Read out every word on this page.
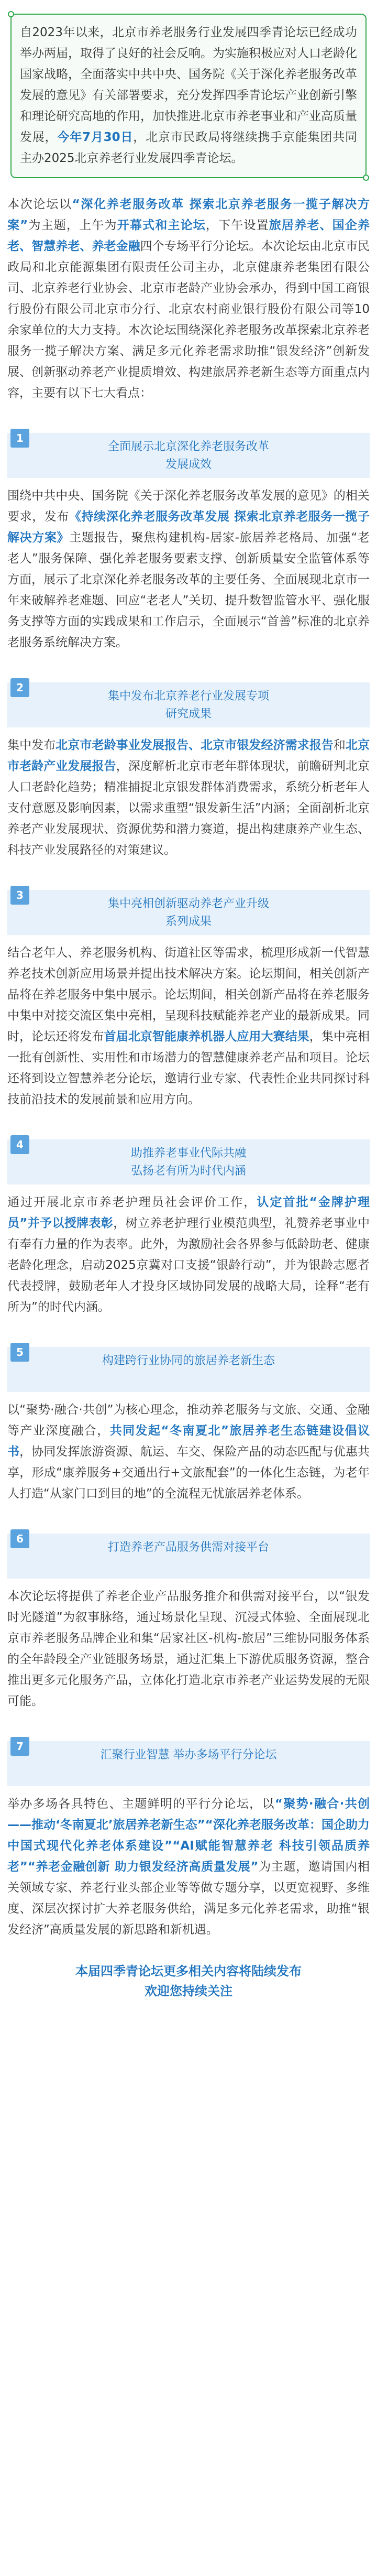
自2023年以来，北京市养老服务行业发展四季青论坛已经成功举办两届，取得了良好的社会反响。为实施积极应对人口老龄化国家战略，全面落实中共中央、国务院《关于深化养老服务改革发展的意见》有关部署要求，充分发挥四季青论坛产业创新引擎和理论研究高地的作用，加快推进北京市养老事业和产业高质量发展，今年7月30日，北京市民政局将继续携手京能集团共同主办2025北京养老行业发展四季青论坛。

本次论坛以“深化养老服务改革 探索北京养老服务一揽子解决方案”为主题，上午为开幕式和主论坛，下午设置旅居养老、国企养老、智慧养老、养老金融四个专场平行分论坛。本次论坛由北京市民政局和北京能源集团有限责任公司主办，北京健康养老集团有限公司、北京养老行业协会、北京市老龄产业协会承办，得到中国工商银行股份有限公司北京市分行、北京农村商业银行股份有限公司等10余家单位的大力支持。本次论坛围绕深化养老服务改革探索北京养老服务一揽子解决方案、满足多元化养老需求助推“银发经济”创新发展、创新驱动养老产业提质增效、构建旅居养老新生态等方面重点内容，主要有以下七大看点：

1
全面展示北京深化养老服务改革
发展成效

围绕中共中央、国务院《关于深化养老服务改革发展的意见》的相关要求，发布《持续深化养老服务改革发展 探索北京养老服务一揽子解决方案》主题报告，聚焦构建机构-居家-旅居养老格局、加强“老老人”服务保障、强化养老服务要素支撑、创新质量安全监管体系等方面，展示了北京深化养老服务改革的主要任务、全面展现北京市一年来破解养老难题、回应“老老人”关切、提升数智监管水平、强化服务支撑等方面的实践成果和工作启示，全面展示“首善”标准的北京养老服务系统解决方案。

2
集中发布北京养老行业发展专项
研究成果

集中发布北京市老龄事业发展报告、北京市银发经济需求报告和北京市老龄产业发展报告，深度解析北京市老年群体现状，前瞻研判北京人口老龄化趋势；精准捕捉北京银发群体消费需求，系统分析老年人支付意愿及影响因素，以需求重塑“银发新生活”内涵；全面剖析北京养老产业发展现状、资源优势和潜力赛道，提出构建康养产业生态、科技产业发展路径的对策建议。

3
集中亮相创新驱动养老产业升级
系列成果

结合老年人、养老服务机构、街道社区等需求，梳理形成新一代智慧养老技术创新应用场景并提出技术解决方案。论坛期间，相关创新产品将在养老服务中集中展示。论坛期间，相关创新产品将在养老服务中集中对接交流区集中亮相，呈现科技赋能养老产业的最新成果。同时，论坛还将发布首届北京智能康养机器人应用大赛结果，集中亮相一批有创新性、实用性和市场潜力的智慧健康养老产品和项目。论坛还将到设立智慧养老分论坛，邀请行业专家、代表性企业共同探讨科技前沿技术的发展前景和应用方向。

4
助推养老事业代际共融
弘扬老有所为时代内涵

通过开展北京市养老护理员社会评价工作，认定首批“金牌护理员”并予以授牌表彰，树立养老护理行业模范典型，礼赞养老事业中有奉有力量的作为表率。此外，为激励社会各界参与低龄助老、健康老龄化理念，启动2025京冀对口支援“银龄行动”，并为银龄志愿者代表授牌，鼓励老年人才投身区域协同发展的战略大局，诠释“老有所为”的时代内涵。

5
构建跨行业协同的旅居养老新生态

以“聚势·融合·共创”为核心理念，推动养老服务与文旅、交通、金融等产业深度融合，共同发起“冬南夏北”旅居养老生态链建设倡议书，协同发挥旅游资源、航运、车交、保险产品的动态匹配与优惠共享，形成“康养服务+交通出行+文旅配套”的一体化生态链，为老年人打造“从家门口到目的地”的全流程无忧旅居养老体系。

6
打造养老产品服务供需对接平台

本次论坛将提供了养老企业产品服务推介和供需对接平台，以“银发时光隧道”为叙事脉络，通过场景化呈现、沉浸式体验、全面展现北京市养老服务品牌企业和集“居家社区-机构-旅居”三维协同服务体系的全年龄段全产业链服务场景，通过汇集上下游优质服务资源，整合推出更多元化服务产品，立体化打造北京市养老产业运势发展的无限可能。

7
汇聚行业智慧 举办多场平行分论坛

举办多场各具特色、主题鲜明的平行分论坛，以“聚势·融合·共创——推动‘冬南夏北’旅居养老新生态”“深化养老服务改革：国企助力中国式现代化养老体系建设”“AI赋能智慧养老 科技引领品质养老”“养老金融创新 助力银发经济高质量发展”为主题，邀请国内相关领域专家、养老行业头部企业等等做专题分享，以更宽视野、多维度、深层次探讨扩大养老服务供给，满足多元化养老需求，助推“银发经济”高质量发展的新思路和新机遇。

本届四季青论坛更多相关内容将陆续发布
欢迎您持续关注
